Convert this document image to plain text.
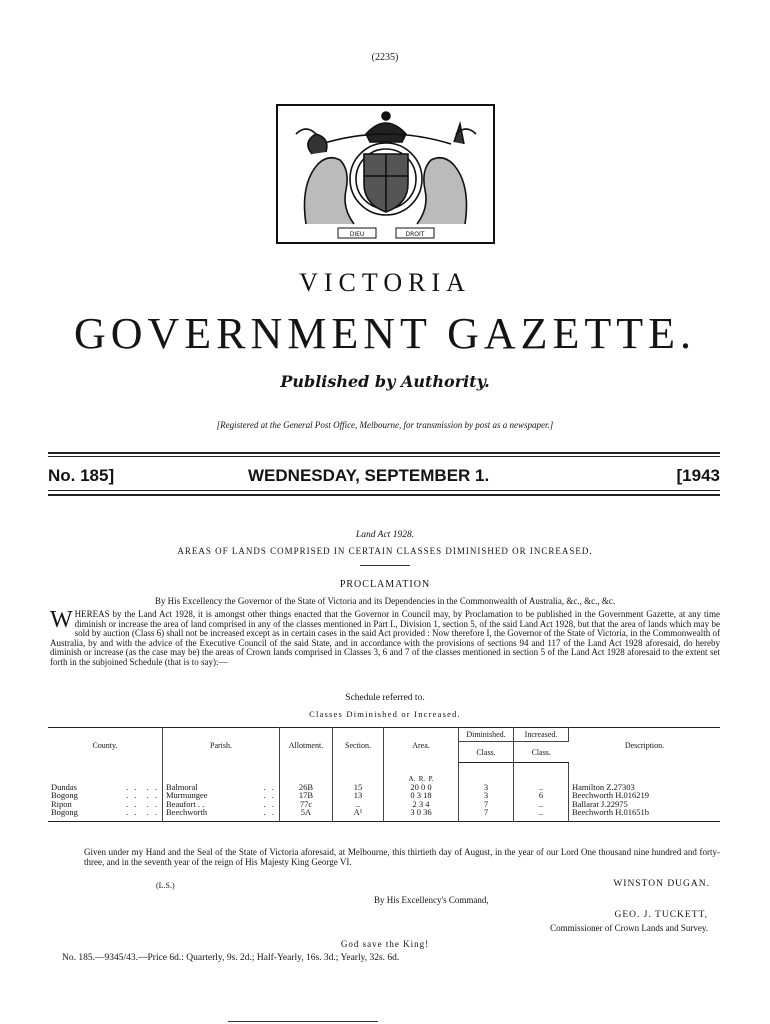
(2235)
DIEU	DROIT
VICTORIA
GOVERNMENT GAZETTE.
Published by Authority.
[Registered at the General Post Office, Melbourne, for transmission by post as a newspaper.]
No. 185]	WEDNESDAY, SEPTEMBER 1.	[1943
Land Act 1928.
AREAS OF LANDS COMPRISED IN CERTAIN CLASSES DIMINISHED OR INCREASED.
PROCLAMATION
By His Excellency the Governor of the State of Victoria and its Dependencies in the Commonwealth of Australia, &c., &c., &c.
WHEREAS by the Land Act 1928, it is amongst other things enacted that the Governor in Council may, by Proclamation to be published in the Government Gazette, at any time diminish or increase the area of land comprised in any of the classes mentioned in Part I., Division 1, section 5, of the said Land Act 1928, but that the area of lands which may be sold by auction (Class 6) shall not be increased except as in certain cases in the said Act provided : Now therefore I, the Governor of the State of Victoria, in the Commonwealth of Australia, by and with the advice of the Executive Council of the said State, and in accordance with the provisions of sections 94 and 117 of the Land Act 1928 aforesaid, do hereby diminish or increase (as the case may be) the areas of Crown lands comprised in Classes 3, 6 and 7 of the classes mentioned in section 5 of the Land Act 1928 aforesaid to the extent set forth in the subjoined Schedule (that is to say):—
Schedule referred to.
Classes Diminished or Increased.
County.	Parish.	Allotment.	Section.	Area.	Diminished.	Increased.	Description.
					Class.	Class.	
				A. R. P.			
Dundas . .  . .	Balmoral . .	26B	15	20 0 0	3	..	Hamilton Z.27303
Bogong . .  . .	Murmungee . .	17B	13	0 3 18	3	6	Beechworth H.016219
Ripon . .  . .	Beaufort . . . .	77c	..	2 3 4	7	..	Ballarat J.22975
Bogong . .  . .	Beechworth . .	5A	A¹	3 0 36	7	..	Beechworth H.01651b
Given under my Hand and the Seal of the State of Victoria aforesaid, at Melbourne, this thirtieth day of August, in the year of our Lord One thousand nine hundred and forty-three, and in the seventh year of the reign of His Majesty King George VI.
(L.S.)	WINSTON DUGAN.
By His Excellency's Command,
GEO. J. TUCKETT,
Commissioner of Crown Lands and Survey.
God save the King!
No. 185.—9345/43.—Price 6d.: Quarterly, 9s. 2d.; Half-Yearly, 16s. 3d.; Yearly, 32s. 6d.
